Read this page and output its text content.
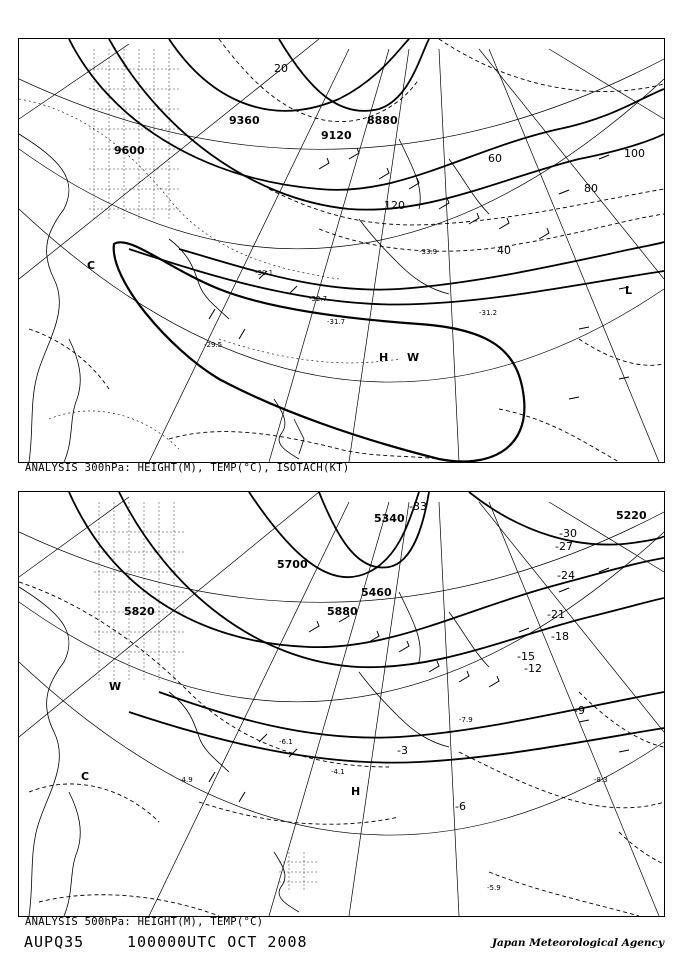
9360
9120
8880
9600
20
40
60
80
100
120
H
L
W
C
-30.1
-32.7
-31.7
-29.5
-33.9
-31.2
ANALYSIS 300hPa: HEIGHT(M), TEMP(°C), ISOTACH(KT)
5700
5880
5460
5340
5820
5220
-3
-6
-9
-12
-15
-18
-21
-24
-27
-30
-33
H
W
C	-4.9
-6.1
-7.9
-8.3
-5.9
-4.1
ANALYSIS 500hPa: HEIGHT(M), TEMP(°C)
AUPQ35	100000UTC OCT 2008	Japan Meteorological Agency
